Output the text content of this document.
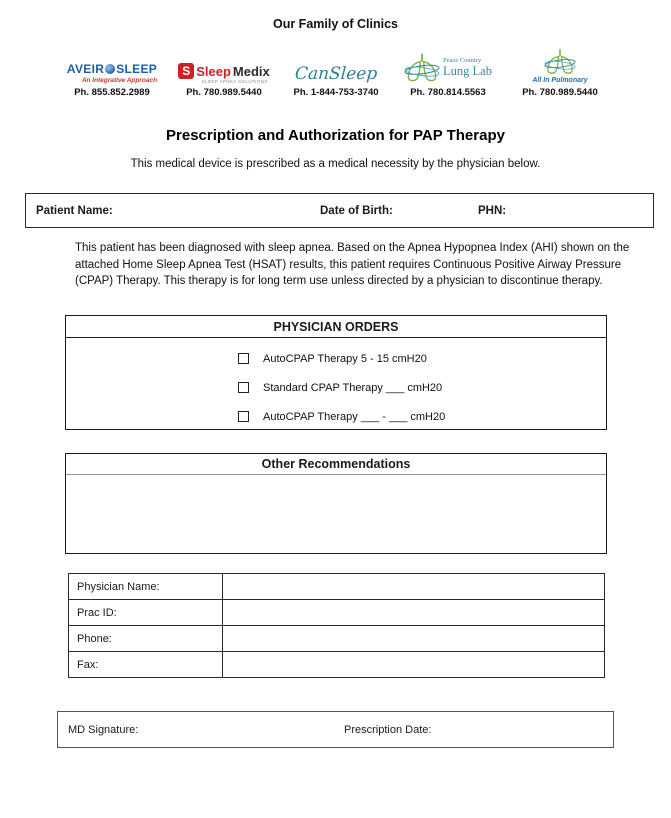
Our Family of Clinics
AVEIR SLEEP
An Integrative Approach
Ph. 855.852.2989
S Sleep Medix
SLEEP APNEA SOLUTIONS
Ph. 780.989.5440
CanSleep
Ph. 1-844-753-3740
Peace Country
Lung Lab
Ph. 780.814.5563
All In Pulmonary
Ph. 780.989.5440
Prescription and Authorization for PAP Therapy
This medical device is prescribed as a medical necessity by the physician below.
Patient Name:	Date of Birth:	PHN:
This patient has been diagnosed with sleep apnea. Based on the Apnea Hypopnea Index (AHI) shown on the attached Home Sleep Apnea Test (HSAT) results, this patient requires Continuous Positive Airway Pressure (CPAP) Therapy. This therapy is for long term use unless directed by a physician to discontinue therapy.
PHYSICIAN ORDERS
AutoCPAP Therapy 5 - 15 cmH20
Standard CPAP Therapy ___ cmH20
AutoCPAP Therapy ___ - ___ cmH20
Other Recommendations
Physician Name:	
Prac ID:	
Phone:	
Fax:	
MD Signature:	Prescription Date:
